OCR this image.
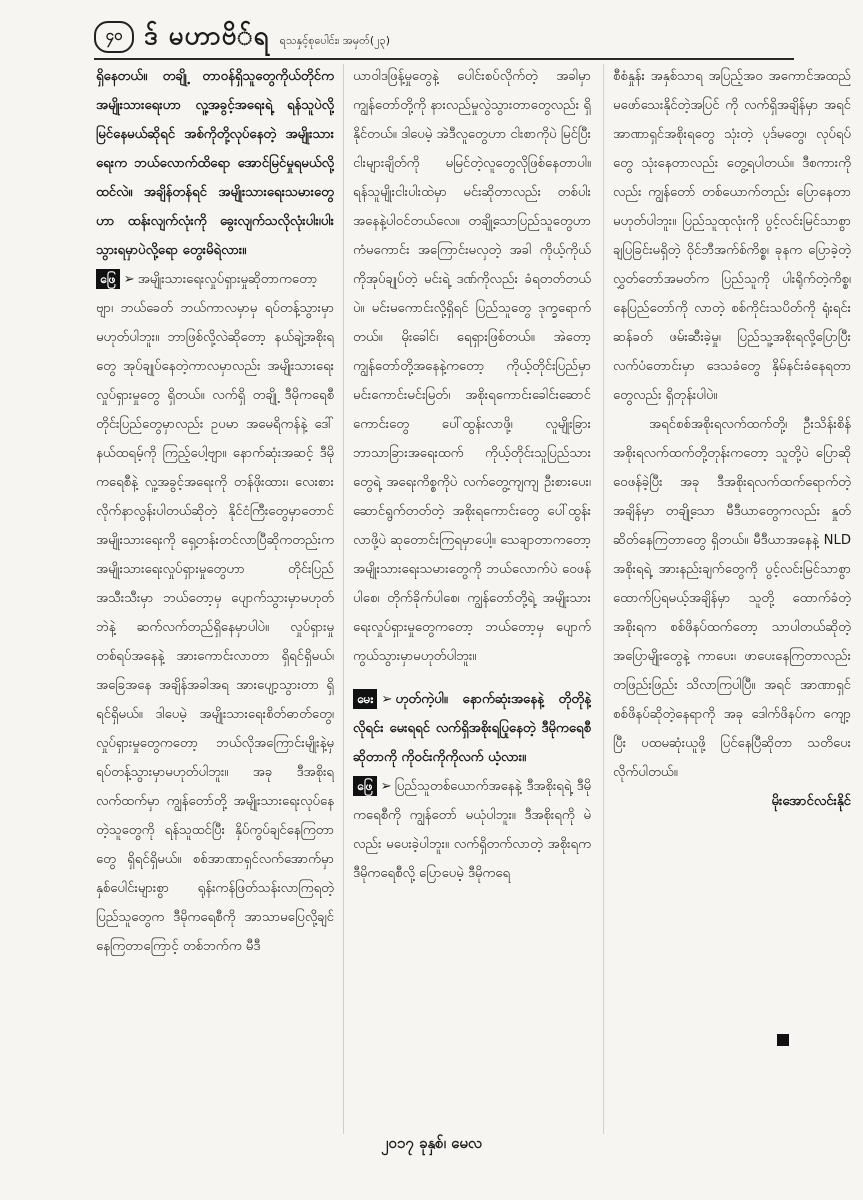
၄၀ ဒ် မဟာဗိ်ရ ရသနှင့်စုပေါင်း၊ အမှတ်(၂၃)

ရှိနေတယ်။ တချို့ တာဝန်ရှိသူတွေကိုယ်တိုင်က အမျိုးသားရေးဟာ လူ့အခွင့်အရေးရဲ့ ရန်သူပဲလို့ မြင်နေမယ်ဆိုရင် အစ်ကိုတို့လုပ်နေတဲ့ အမျိုးသားရေးက ဘယ်လောက်ထိရော အောင်မြင်မှုရမယ်လို့ ထင်လဲ။ အချိန်တန်ရင် အမျိုးသားရေးသမားတွေဟာ ထန်းလျက်လုံးကို ခွေးလျက်သလိုလုံးပါး၊ပါး သွားရမှာပဲလို့ရော တွေးမိရဲလား။

ဖြေ ➢ အမျိုးသားရေးလှုပ်ရှားမှုဆိုတာကတော့ဗျာ၊ ဘယ်ခေတ် ဘယ်ကာလမှာမှ ရပ်တန့်သွားမှာမဟုတ်ပါဘူး။ ဘာဖြစ်လို့လဲဆိုတော့ နယ်ချဲ့အစိုးရတွေ အုပ်ချုပ်နေတဲ့ကာလမှာလည်း အမျိုးသားရေးလှုပ်ရှားမှုတွေ ရှိတယ်။ လက်ရှိ တချို့ ဒီမိုကရေစီတိုင်းပြည်တွေမှာလည်း ဥပမာ အမေရိကန်နဲ့ ဒေါ်နယ်ထရမ့်ကို ကြည့်ပေါ့ဗျာ။ နောက်ဆုံးအဆင့် ဒီမိုကရေစီနဲ့ လူ့အခွင့်အရေးကို တန်ဖိုးထား၊ လေးစားလိုက်နာလွန်းပါတယ်ဆိုတဲ့ နိုင်ငံကြီးတွေမှာတောင် အမျိုးသားရေးကို ရှေ့တန်းတင်လာပြီဆိုကတည်းက အမျိုးသားရေးလှုပ်ရှားမှုတွေဟာ တိုင်းပြည်အသီးသီးမှာ ဘယ်တော့မှ ပျောက်သွားမှာမဟုတ်ဘဲနဲ့ ဆက်လက်တည်ရှိနေမှာပါပဲ။ လှုပ်ရှားမှုတစ်ရပ်အနေနဲ့ အားကောင်းလာတာ ရှိရင်ရှိမယ်၊ အခြေအနေ အချိန်အခါအရ အားပျော့သွားတာ ရှိရင်ရှိမယ်။ ဒါပေမဲ့ အမျိုးသားရေးစိတ်ဓာတ်တွေ၊ လှုပ်ရှားမှုတွေကတော့ ဘယ်လိုအကြောင်းမျိုးနဲ့မှ ရပ်တန့်သွားမှာမဟုတ်ပါဘူး။ အခု ဒီအစိုးရလက်ထက်မှာ ကျွန်တော်တို့ အမျိုးသားရေးလုပ်နေတဲ့သူတွေကို ရန်သူထင်ပြီး နှိပ်ကွပ်ချင်နေကြတာတွေ ရှိရင်ရှိမယ်။ စစ်အာဏာရှင်လက်အောက်မှာ နှစ်ပေါင်းများစွာ ရုန်းကန်ဖြတ်သန်းလာကြရတဲ့ ပြည်သူတွေက ဒီမိုကရေစီကို အာသာမပြေလို့ချင်နေကြတာကြောင့် တစ်ဘက်က မီဒီ

ယာဝါဒဖြန့်မှုတွေနဲ့ ပေါင်းစပ်လိုက်တဲ့ အခါမှာ ကျွန်တော်တို့ကို နားလည်မှုလွဲသွားတာတွေလည်း ရှိနိုင်တယ်။ ဒါပေမဲ့ အဲဒီလူတွေဟာ ငါးစာကိုပဲ မြင်ပြီး ငါးများချိတ်ကို မမြင်တဲ့လူတွေလိုဖြစ်နေတာပါ။ ရန်သူမျိုးငါးပါးထဲမှာ မင်းဆိုတာလည်း တစ်ပါးအနေနဲ့ပါဝင်တယ်လေ။ တချို့သောပြည်သူတွေဟာ ကံမကောင်း အကြောင်းမလှတဲ့ အခါ ကိုယ့်ကိုယ်ကိုအုပ်ချုပ်တဲ့ မင်းရဲ့ ဒဏ်ကိုလည်း ခံရတတ်တယ်ပဲ။ မင်းမကောင်းလို့ရှိရင် ပြည်သူတွေ ဒုက္ခရောက်တယ်။ မိုးခေါင်၊ ရေရှားဖြစ်တယ်။ အဲတော့ ကျွန်တော်တို့အနေနဲ့ကတော့ ကိုယ့်တိုင်းပြည်မှာ မင်းကောင်းမင်းမြတ်၊ အစိုးရကောင်းခေါင်းဆောင်ကောင်းတွေ ပေါ်ထွန်းလာဖို့၊ လူမျိုးခြား ဘာသာခြားအရေးထက် ကိုယ့်တိုင်းသူပြည်သားတွေရဲ့ အရေးကိစ္စကိုပဲ လက်တွေ့ကျကျ ဦးစားပေး၊ ဆောင်ရွက်တတ်တဲ့ အစိုးရကောင်းတွေ ပေါ်ထွန်းလာဖို့ပဲ ဆုတောင်းကြရမှာပေါ့။ သေချာတာကတော့ အမျိုးသားရေးသမားတွေကို ဘယ်လောက်ပဲ ဝေဖန်ပါစေ၊ တိုက်ခိုက်ပါစေ၊ ကျွန်တော်တို့ရဲ့ အမျိုးသားရေးလှုပ်ရှားမှုတွေကတော့ ဘယ်တော့မှ ပျောက်ကွယ်သွားမှာမဟုတ်ပါဘူး။

မေး ➢ ဟုတ်ကဲ့ပါ။ နောက်ဆုံးအနေနဲ့ တိုတိုနဲ့လိုရင်း မေးရရင် လက်ရှိအစိုးရပြုနေတဲ့ ဒီမိုကရေစီဆိုတာကို ကိုဝင်းကိုကိုလက် ယံ့လား။

ဖြေ ➢ ပြည်သူတစ်ယောက်အနေနဲ့ ဒီအစိုးရရဲ့ ဒီမိုကရေစီကို ကျွန်တော် မယုံပါဘူး။ ဒီအစိုးရကို မဲလည်း မပေးခဲ့ပါဘူး။ လက်ရှိတက်လာတဲ့ အစိုးရက ဒီမိုကရေစီလို့ ပြောပေမဲ့ ဒီမိုကရေ

စီစံနှုန်း အနှစ်သာရ အပြည့်အဝ အကောင်အထည်မဖော်သေးနိုင်တဲ့အပြင် ကို လက်ရှိအချိန်မှာ အရင်အာဏာရှင်အစိုးရတွေ သုံးတဲ့ ပုဒ်မတွေ၊ လုပ်ရပ်တွေ သုံးနေတာလည်း တွေ့ရပါတယ်။ ဒီစကားကိုလည်း ကျွန်တော် တစ်ယောက်တည်း ပြောနေတာမဟုတ်ပါဘူး။ ပြည်သူထုလုံးကို ပွင့်လင်းမြင်သာစွာ ချပြခြင်းမရှိတဲ့ ဝိုင်ဘီအက်စ်ကိစ္စ၊ ခုနက ပြောခဲ့တဲ့ လွှတ်တော်အမတ်က ပြည်သူကို ပါးရိုက်တဲ့ကိစ္စ၊ နေပြည်တော်ကို လာတဲ့ စစ်ကိုင်းသပိတ်ကို ရုံးရင်းဆန်ခတ် ဖမ်းဆီးခဲ့မှု၊ ပြည်သူ့အစိုးရလို့ပြောပြီး လက်ပံတောင်းမှာ ဒေသခံတွေ နှိမ်နင်းခံနေရတာတွေလည်း ရှိတုန်းပါပဲ။

အရင်စစ်အစိုးရလက်ထက်တို့၊ ဦးသိန်းစိန်အစိုးရလက်ထက်တို့တုန်းကတော့ သူတို့ပဲ ပြောဆိုဝေဖန်ခဲ့ပြီး အခု ဒီအစိုးရလက်ထက်ရောက်တဲ့အချိန်မှာ တချို့သော မီဒီယာတွေကလည်း နှုတ်ဆိတ်နေကြတာတွေ ရှိတယ်။ မီဒီယာအနေနဲ့ NLD အစိုးရရဲ့ အားနည်းချက်တွေကို ပွင့်လင်းမြင်သာစွာ ထောက်ပြရမယ့်အချိန်မှာ သူတို့ ထောက်ခံတဲ့ အစိုးရက စစ်ဖိနပ်ထက်တော့ သာပါတယ်ဆိုတဲ့ အပြောမျိုးတွေနဲ့ ကာပေး၊ ဖာပေးနေကြတာလည်း တဖြည်းဖြည်း သိလာကြပါပြီ။ အရင် အာဏာရှင် စစ်ဖိနပ်ဆိုတဲ့နေရာကို အခု ဒေါက်ဖိနပ်က ကျော့ပြီး ပထမဆုံးယူဖို့ ပြင်နေပြီဆိုတာ သတိပေးလိုက်ပါတယ်။

မိုးအောင်လင်းနိုင်

၂၀၁၇ ခုနှစ်၊ မေလ
